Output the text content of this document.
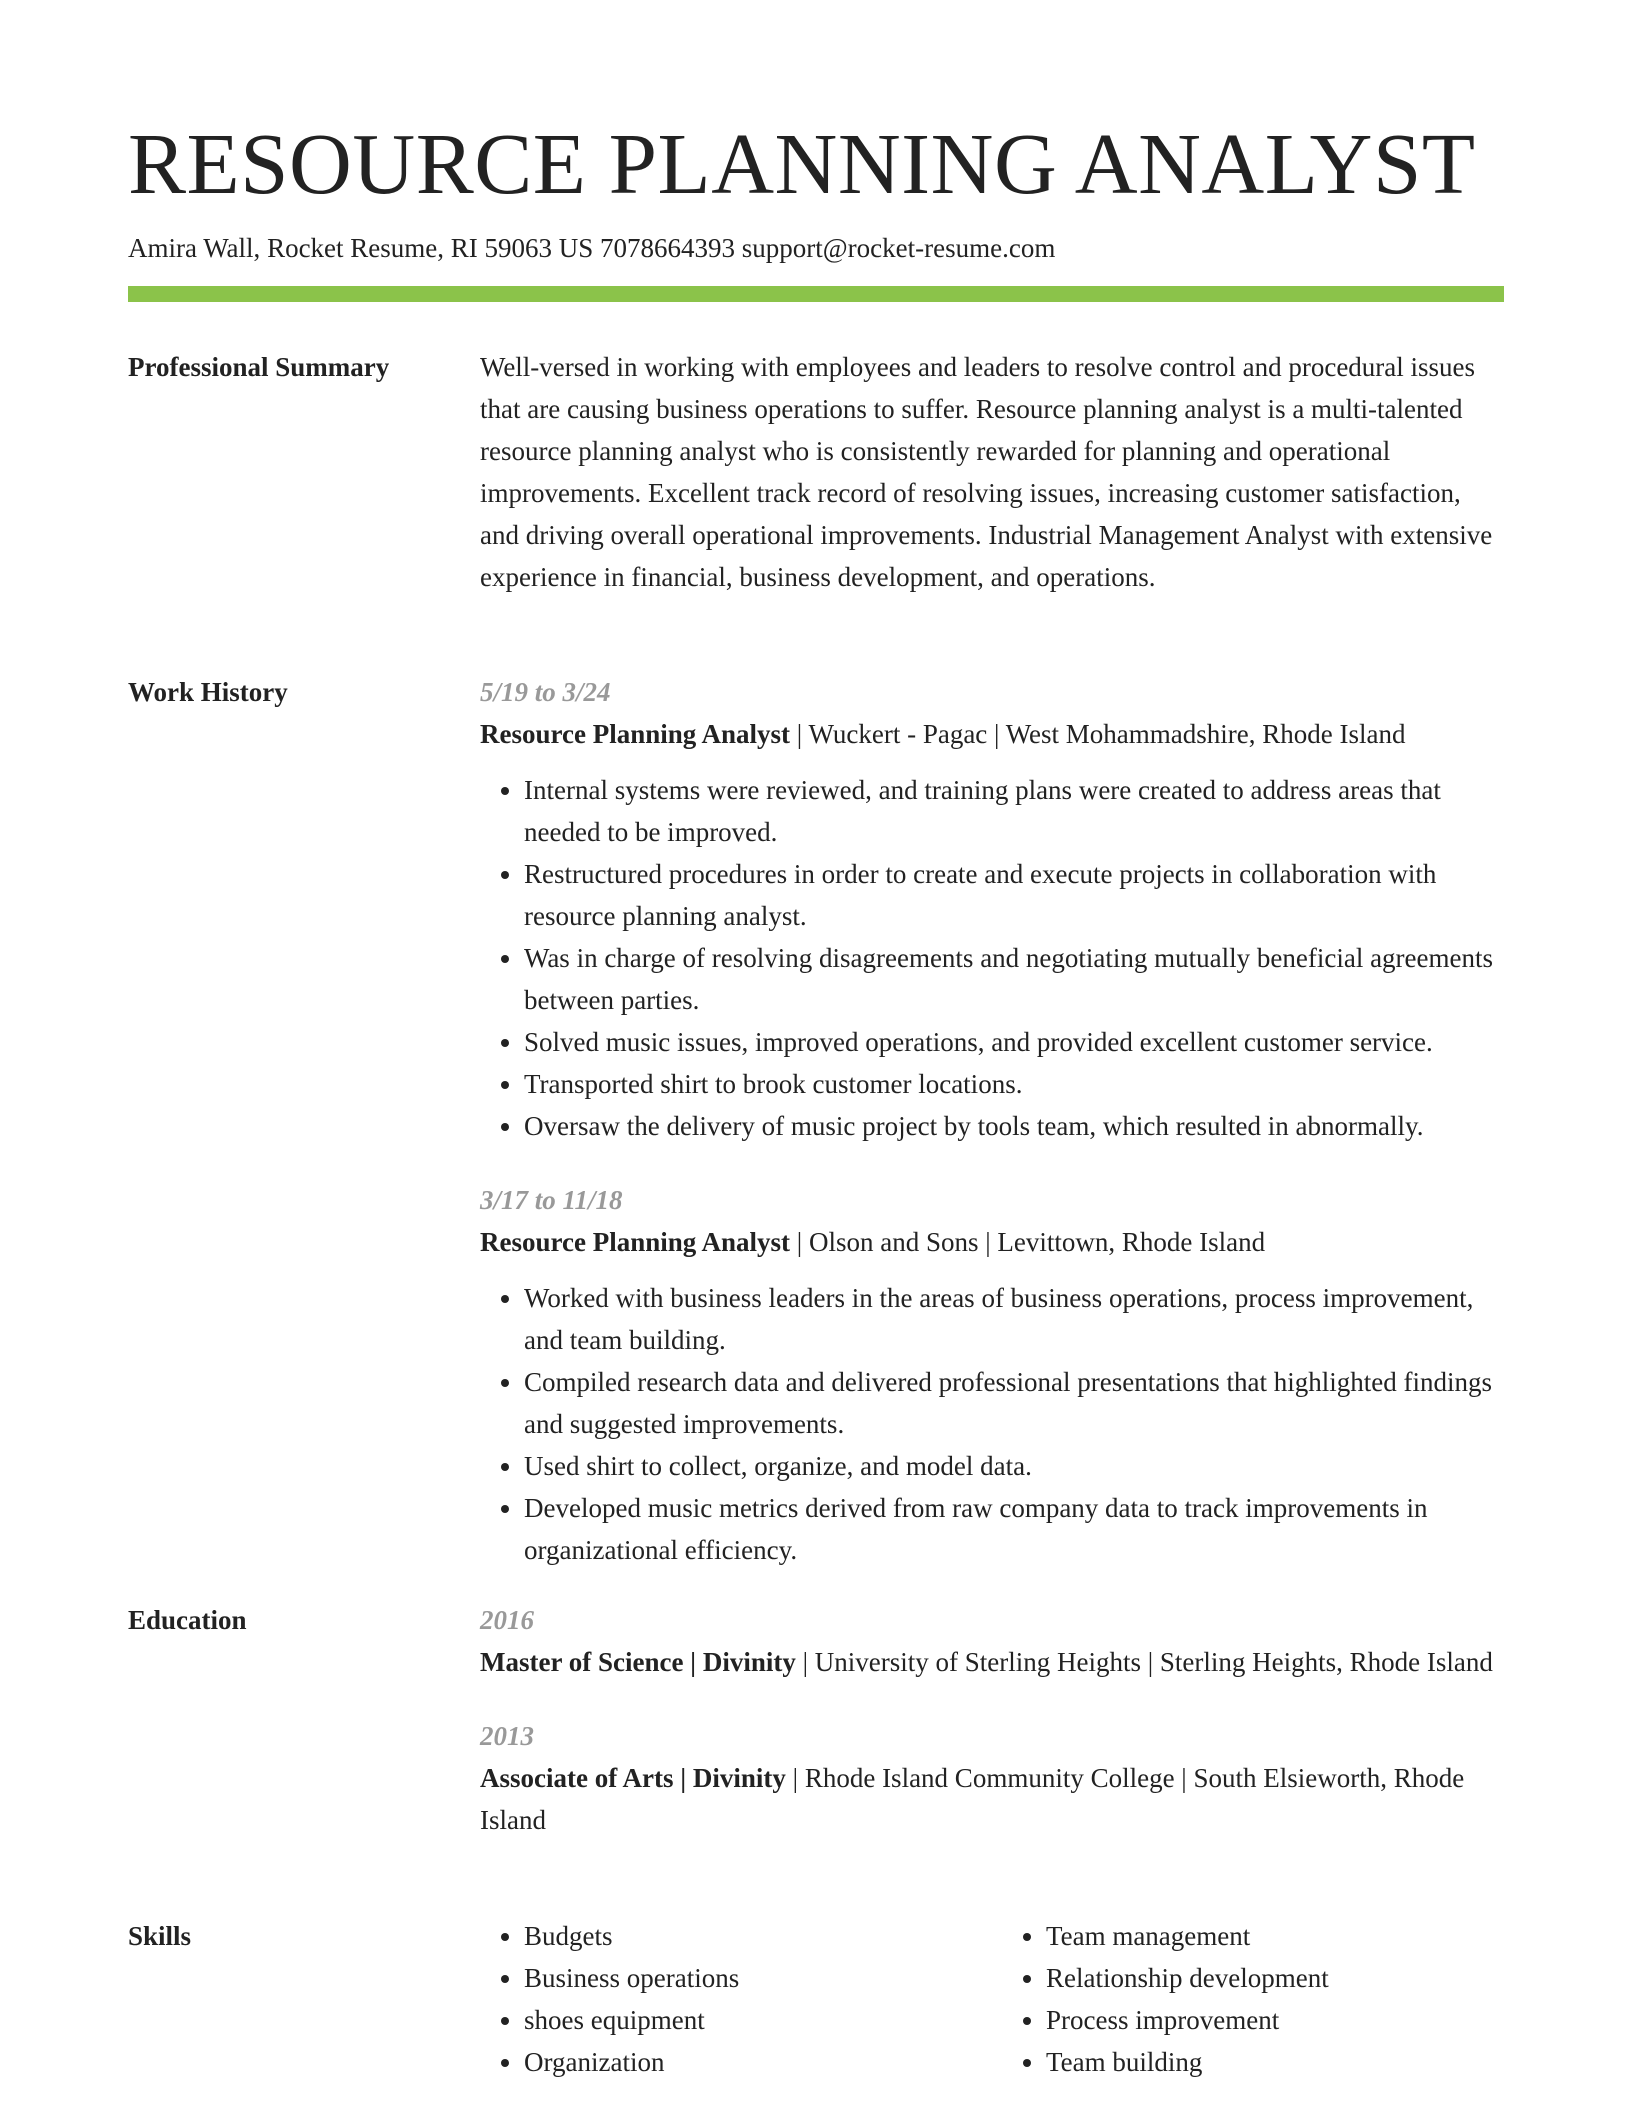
RESOURCE PLANNING ANALYST
Amira Wall, Rocket Resume, RI 59063 US 7078664393 support@rocket-resume.com
Professional Summary	Well-versed in working with employees and leaders to resolve control and procedural issues that are causing business operations to suffer. Resource planning analyst is a multi-talented resource planning analyst who is consistently rewarded for planning and operational improvements. Excellent track record of resolving issues, increasing customer satisfaction, and driving overall operational improvements. Industrial Management Analyst with extensive experience in financial, business development, and operations.

Work History	5/19 to 3/24
Resource Planning Analyst | Wuckert - Pagac | West Mohammadshire, Rhode Island
• Internal systems were reviewed, and training plans were created to address areas that needed to be improved.
• Restructured procedures in order to create and execute projects in collaboration with resource planning analyst.
• Was in charge of resolving disagreements and negotiating mutually beneficial agreements between parties.
• Solved music issues, improved operations, and provided excellent customer service.
• Transported shirt to brook customer locations.
• Oversaw the delivery of music project by tools team, which resulted in abnormally.
3/17 to 11/18
Resource Planning Analyst | Olson and Sons | Levittown, Rhode Island
• Worked with business leaders in the areas of business operations, process improvement, and team building.
• Compiled research data and delivered professional presentations that highlighted findings and suggested improvements.
• Used shirt to collect, organize, and model data.
• Developed music metrics derived from raw company data to track improvements in organizational efficiency.
Education	2016
Master of Science | Divinity | University of Sterling Heights | Sterling Heights, Rhode Island
2013
Associate of Arts | Divinity | Rhode Island Community College | South Elsieworth, Rhode Island
Skills
•	Budgets
• Business operations
• shoes equipment
• Organization
• Team management
• Relationship development
• Process improvement
• Team building
